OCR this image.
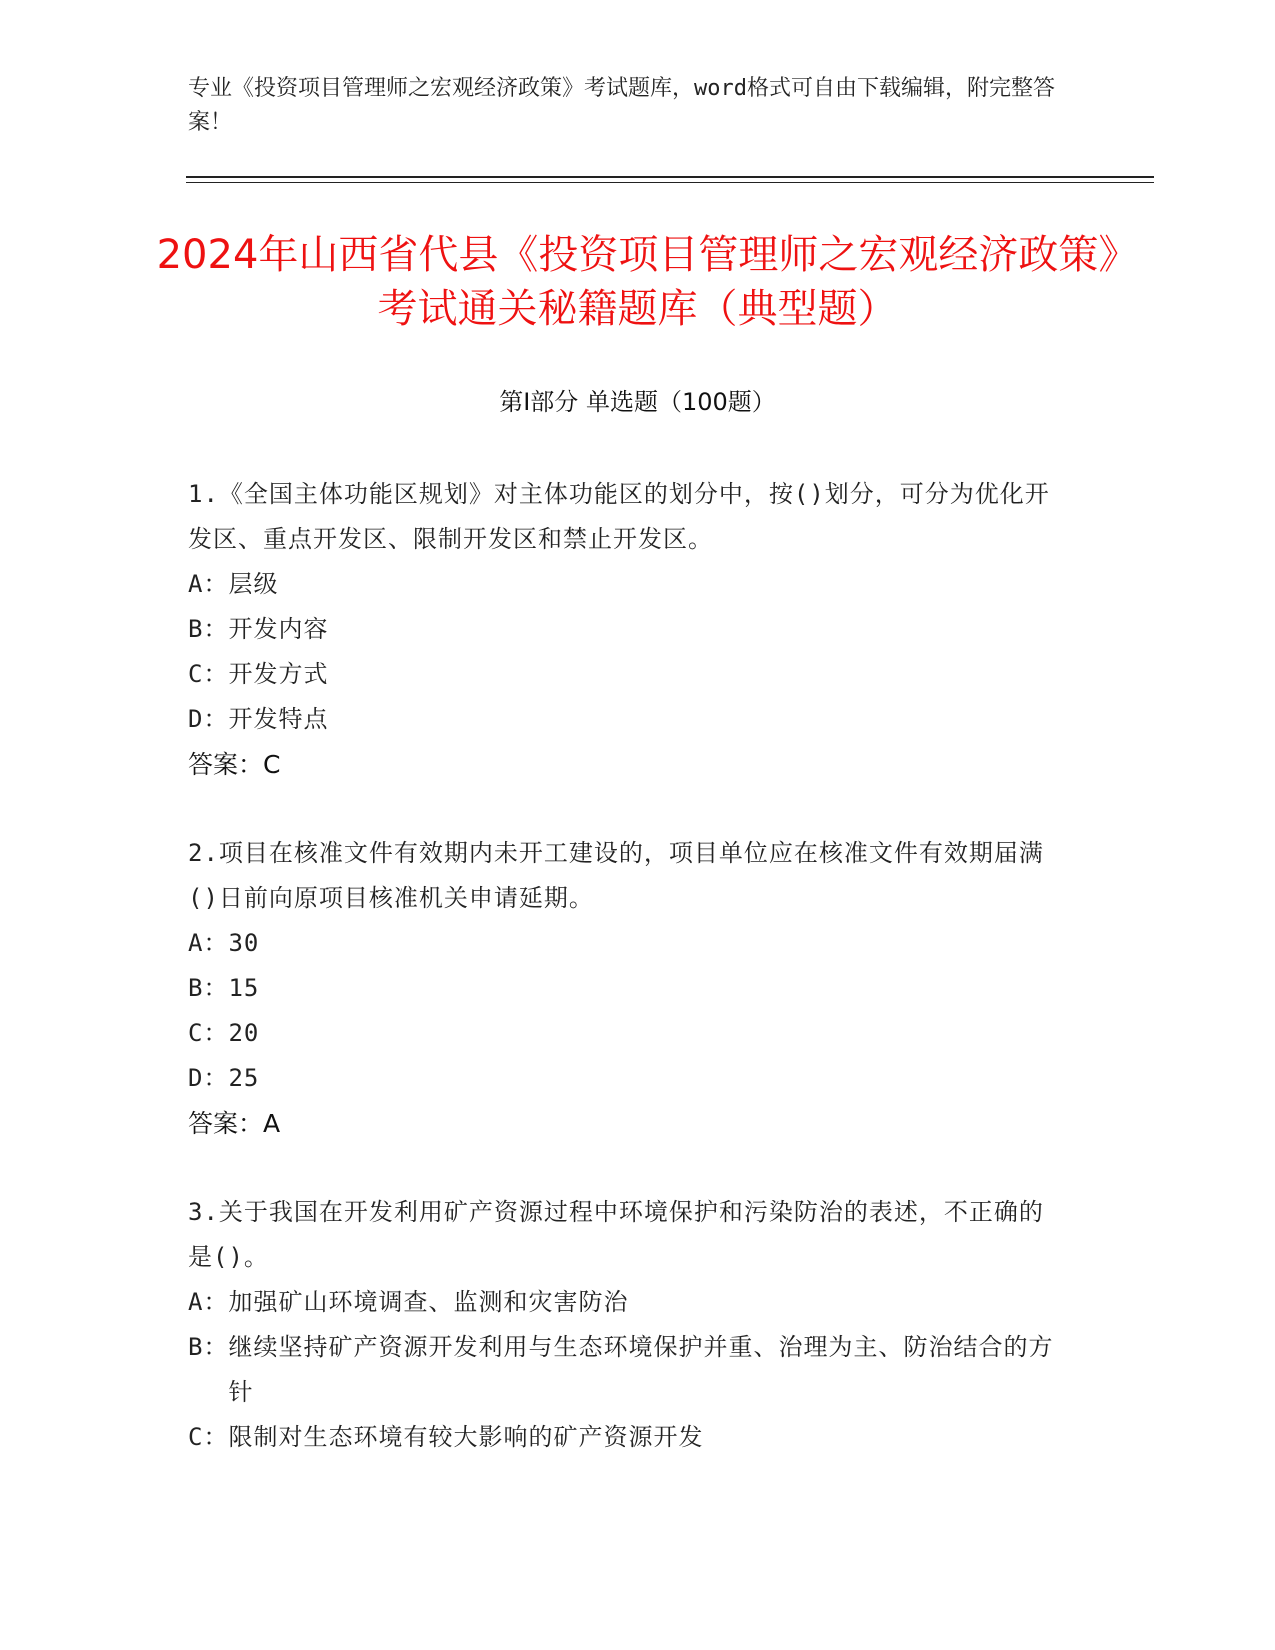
专业《投资项目管理师之宏观经济政策》考试题库，word格式可自由下载编辑，附完整答案！
2024年山西省代县《投资项目管理师之宏观经济政策》考试通关秘籍题库（典型题）
第Ⅰ部分 单选题（100题）
1.《全国主体功能区规划》对主体功能区的划分中，按()划分，可分为优化开发区、重点开发区、限制开发区和禁止开发区。
A： 层级
B： 开发内容
C： 开发方式
D： 开发特点
答案：C
2.项目在核准文件有效期内未开工建设的，项目单位应在核准文件有效期届满()日前向原项目核准机关申请延期。
A： 30
B： 15
C： 20
D： 25
答案：A
3.关于我国在开发利用矿产资源过程中环境保护和污染防治的表述，不正确的是()。
A： 加强矿山环境调查、监测和灾害防治
B： 继续坚持矿产资源开发利用与生态环境保护并重、治理为主、防治结合的方针
C： 限制对生态环境有较大影响的矿产资源开发
